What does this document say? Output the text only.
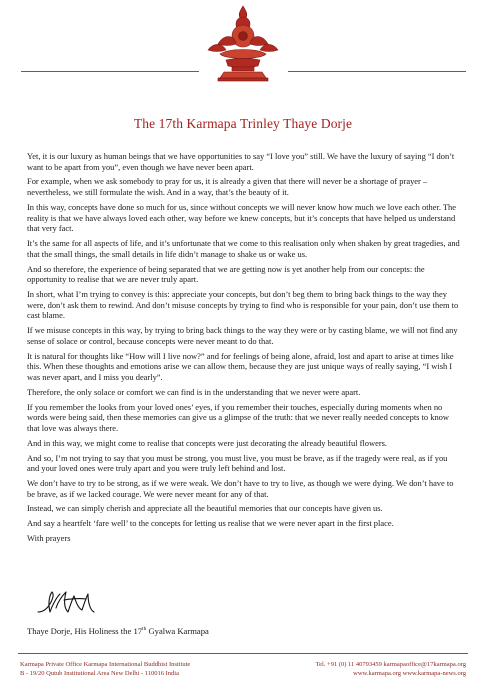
The 17th Karmapa Trinley Thaye Dorje

Yet, it is our luxury as human beings that we have opportunities to say “I love you” still. We have the luxury of saying “I don’t want to be apart from you”, even though we have never been apart.

For example, when we ask somebody to pray for us, it is already a given that there will never be a shortage of prayer – nevertheless, we still formulate the wish. And in a way, that’s the beauty of it.

In this way, concepts have done so much for us, since without concepts we will never know how much we love each other. The reality is that we have always loved each other, way before we knew concepts, but it’s concepts that have helped us understand that very fact.

It’s the same for all aspects of life, and it’s unfortunate that we come to this realisation only when shaken by great tragedies, and that the small things, the small details in life didn’t manage to shake us or wake us.

And so therefore, the experience of being separated that we are getting now is yet another help from our concepts: the opportunity to realise that we are never truly apart.

In short, what I’m trying to convey is this: appreciate your concepts, but don’t beg them to bring back things to the way they were, don’t ask them to rewind. And don’t misuse concepts by trying to find who is responsible for your pain, don’t use them to cast blame.

If we misuse concepts in this way, by trying to bring back things to the way they were or by casting blame, we will not find any sense of solace or control, because concepts were never meant to do that.

It is natural for thoughts like “How will I live now?” and for feelings of being alone, afraid, lost and apart to arise at times like this. When these thoughts and emotions arise we can allow them, because they are just unique ways of really saying, “I wish I was never apart, and I miss you dearly”.

Therefore, the only solace or comfort we can find is in the understanding that we never were apart.

If you remember the looks from your loved ones’ eyes, if you remember their touches, especially during moments when no words were being said, then these memories can give us a glimpse of the truth: that we never really needed concepts to know that love was always there.

And in this way, we might come to realise that concepts were just decorating the already beautiful flowers.

And so, I’m not trying to say that you must be strong, you must live, you must be brave, as if the tragedy were real, as if you and your loved ones were truly apart and you were truly left behind and lost.

We don’t have to try to be strong, as if we were weak. We don’t have to try to live, as though we were dying. We don’t have to be brave, as if we lacked courage. We were never meant for any of that.

Instead, we can simply cherish and appreciate all the beautiful memories that our concepts have given us.

And say a heartfelt ‘fare well’ to the concepts for letting us realise that we were never apart in the first place.

With prayers

Thaye Dorje, His Holiness the 17th Gyalwa Karmapa
Karmapa Private Office Karmapa International Buddhist Institute
B - 19/20 Qutub Institutional Area New Delhi - 110016 India
Tel. +91 (0) 11 40793459 karmapaoffice@17karmapa.org
www.karmapa.org www.karmapa-news.org
